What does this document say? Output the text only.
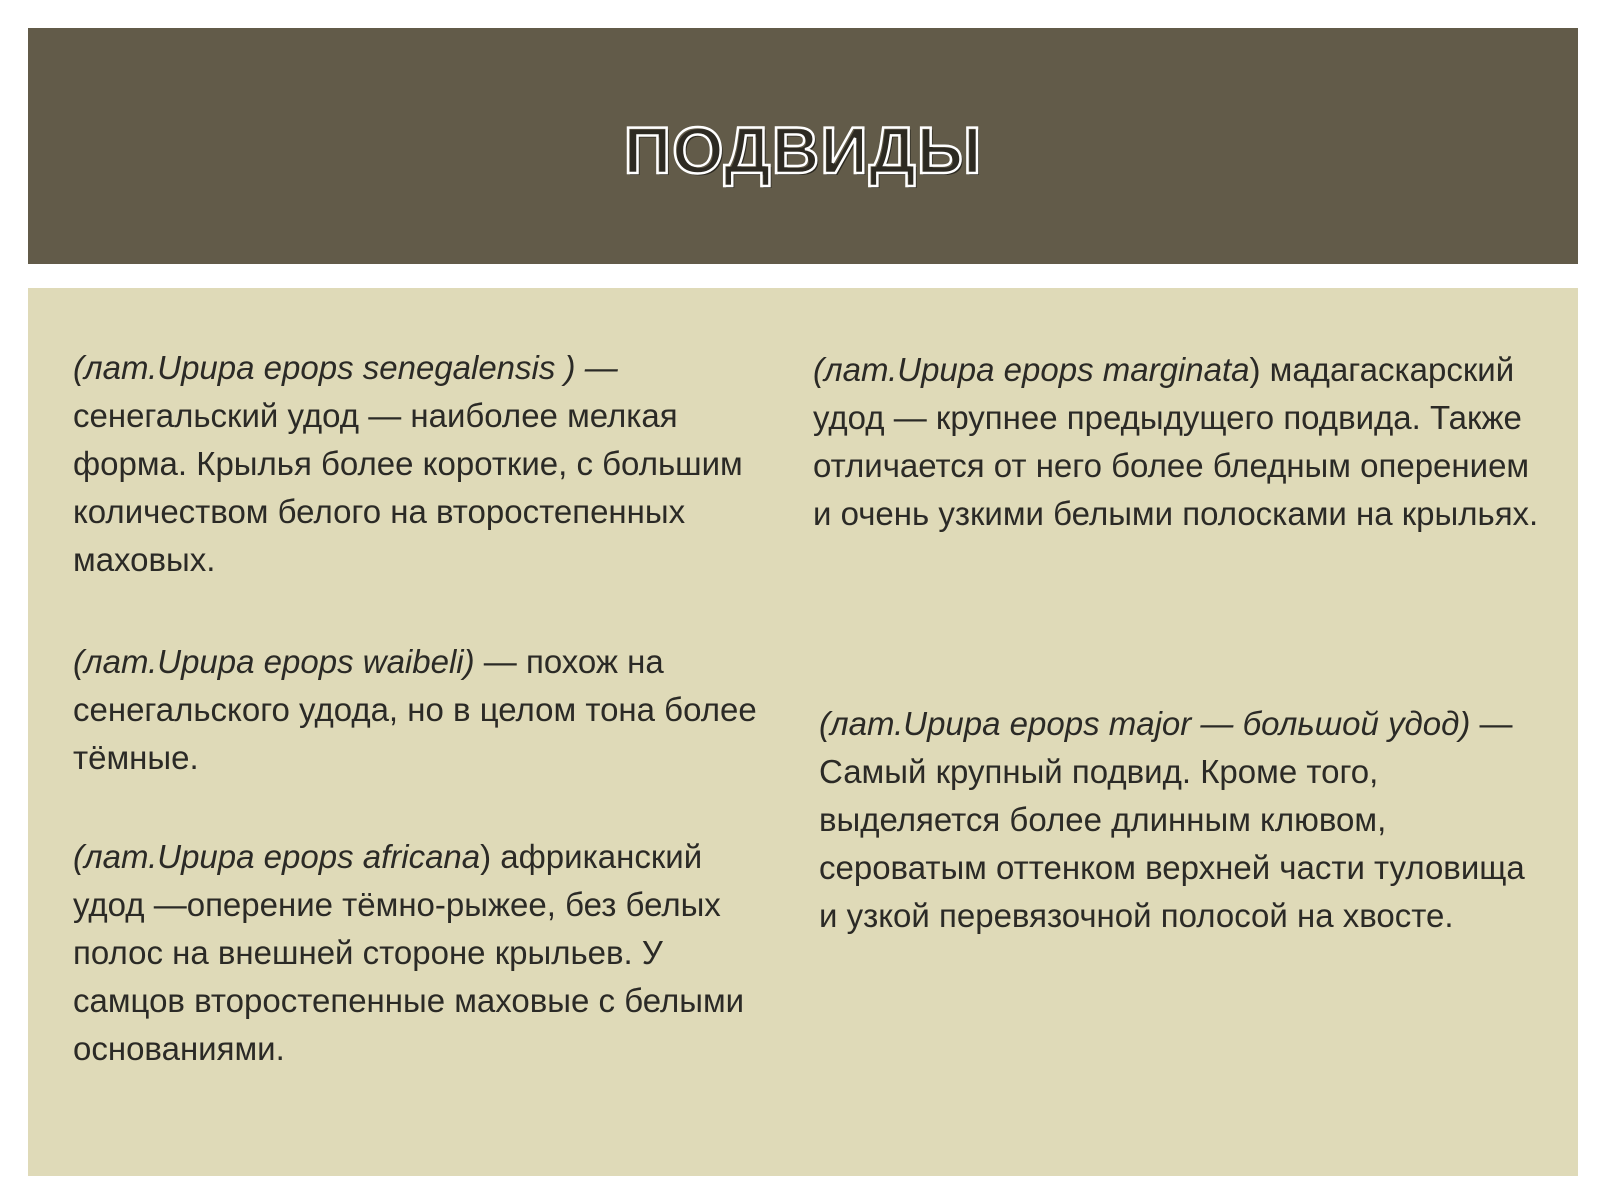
ПОДВИДЫ

(лат.Upupa epops senegalensis ) — сенегальский удод — наиболее мелкая форма. Крылья более короткие, с большим количеством белого на второстепенных маховых.

(лат.Upupa epops waibeli) — похож на сенегальского удода, но в целом тона более тёмные.

(лат.Upupa epops africana) африканский удод —оперение тёмно-рыжее, без белых полос на внешней стороне крыльев. У самцов второстепенные маховые с белыми основаниями.

(лат.Upupa epops marginata) мадагаскарский удод — крупнее предыдущего подвида. Также отличается от него более бледным оперением и очень узкими белыми полосками на крыльях.

(лат.Upupa epops major — большой удод) — Самый крупный подвид. Кроме того, выделяется более длинным клювом, сероватым оттенком верхней части туловища и узкой перевязочной полосой на хвосте.
